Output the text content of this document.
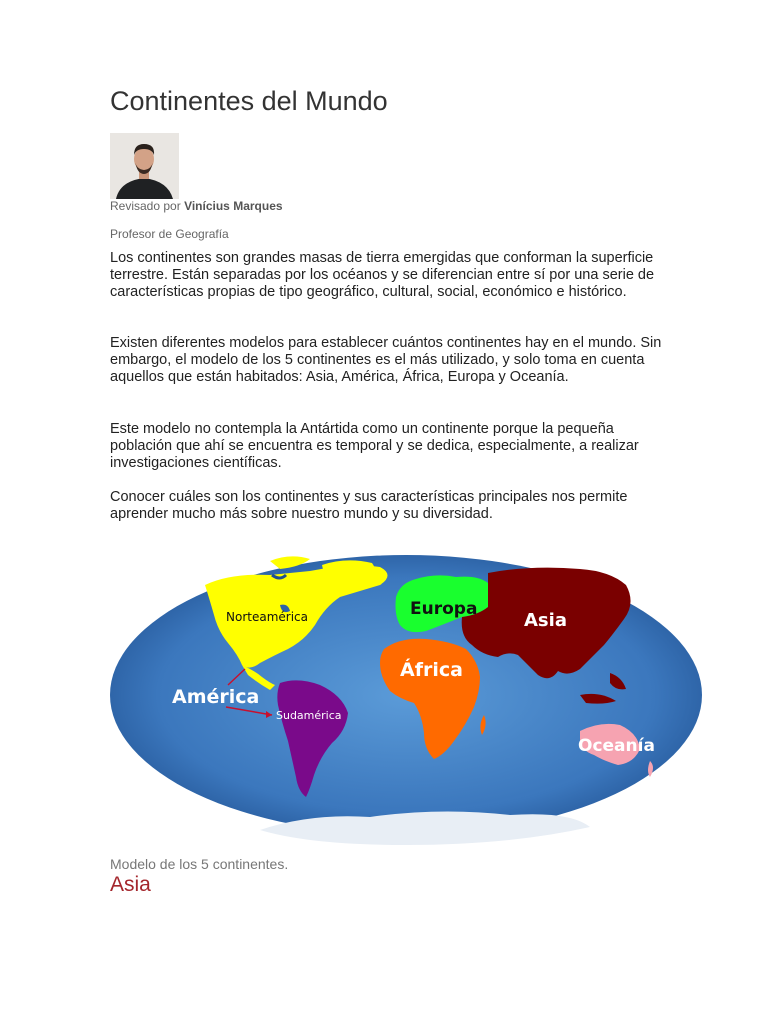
Continentes del Mundo
Revisado por Vinícius Marques
Profesor de Geografía

Los continentes son grandes masas de tierra emergidas que conforman la superficie terrestre. Están separadas por los océanos y se diferencian entre sí por una serie de características propias de tipo geográfico, cultural, social, económico e histórico.

Existen diferentes modelos para establecer cuántos continentes hay en el mundo. Sin embargo, el modelo de los 5 continentes es el más utilizado, y solo toma en cuenta aquellos que están habitados: Asia, América, África, Europa y Oceanía.

Este modelo no contempla la Antártida como un continente porque la pequeña población que ahí se encuentra es temporal y se dedica, especialmente, a realizar investigaciones científicas.

Conocer cuáles son los continentes y sus características principales nos permite aprender mucho más sobre nuestro mundo y su diversidad.

Norteamérica
América
Sudamérica
Europa
Asia
África
Oceanía
Modelo de los 5 continentes.
Asia
